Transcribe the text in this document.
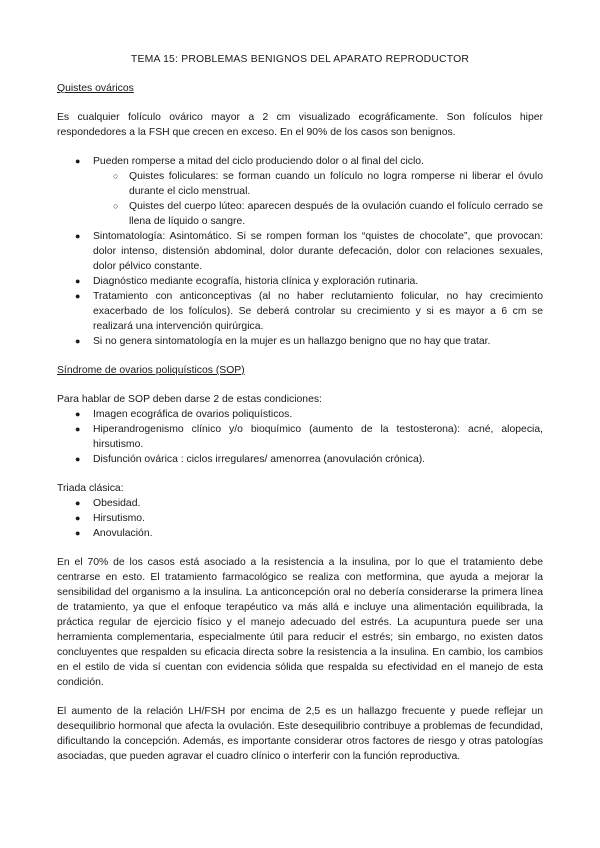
TEMA 15: PROBLEMAS BENIGNOS DEL APARATO REPRODUCTOR
Quistes ováricos

Es cualquier folículo ovárico mayor a 2 cm visualizado ecográficamente. Son folículos hiper respondedores a la FSH que crecen en exceso. En el 90% de los casos son benignos.

●	Pueden romperse a mitad del ciclo produciendo dolor o al final del ciclo.
○ Quistes foliculares: se forman cuando un folículo no logra romperse ni liberar el óvulo durante el ciclo menstrual.
○ Quistes del cuerpo lúteo: aparecen después de la ovulación cuando el folículo cerrado se llena de líquido o sangre.
●	Sintomatología: Asintomático. Si se rompen forman los “quistes de chocolate”, que provocan: dolor intenso, distensión abdominal, dolor durante defecación, dolor con relaciones sexuales, dolor pélvico constante.
●	Diagnóstico mediante ecografía, historia clínica y exploración rutinaria.
●	Tratamiento con anticonceptivas (al no haber reclutamiento folicular, no hay crecimiento exacerbado de los folículos). Se deberá controlar su crecimiento y si es mayor a 6 cm se realizará una intervención quirúrgica.
●	Si no genera sintomatología en la mujer es un hallazgo benigno que no hay que tratar.
Síndrome de ovarios poliquísticos (SOP)

Para hablar de SOP deben darse 2 de estas condiciones:

●	Imagen ecográfica de ovarios poliquísticos.
●	Hiperandrogenismo clínico y/o bioquímico (aumento de la testosterona): acné, alopecia, hirsutismo.
●	Disfunción ovárica : ciclos irregulares/ amenorrea (anovulación crónica).

Triada clásica:

●	Obesidad.
●	Hirsutismo.
●	Anovulación.

En el 70% de los casos está asociado a la resistencia a la insulina, por lo que el tratamiento debe centrarse en esto. El tratamiento farmacológico se realiza con metformina, que ayuda a mejorar la sensibilidad del organismo a la insulina. La anticoncepción oral no debería considerarse la primera línea de tratamiento, ya que el enfoque terapéutico va más allá e incluye una alimentación equilibrada, la práctica regular de ejercicio físico y el manejo adecuado del estrés. La acupuntura puede ser una herramienta complementaria, especialmente útil para reducir el estrés; sin embargo, no existen datos concluyentes que respalden su eficacia directa sobre la resistencia a la insulina. En cambio, los cambios en el estilo de vida sí cuentan con evidencia sólida que respalda su efectividad en el manejo de esta condición.

El aumento de la relación LH/FSH por encima de 2,5 es un hallazgo frecuente y puede reflejar un desequilibrio hormonal que afecta la ovulación. Este desequilibrio contribuye a problemas de fecundidad, dificultando la concepción. Además, es importante considerar otros factores de riesgo y otras patologías asociadas, que pueden agravar el cuadro clínico o interferir con la función reproductiva.
